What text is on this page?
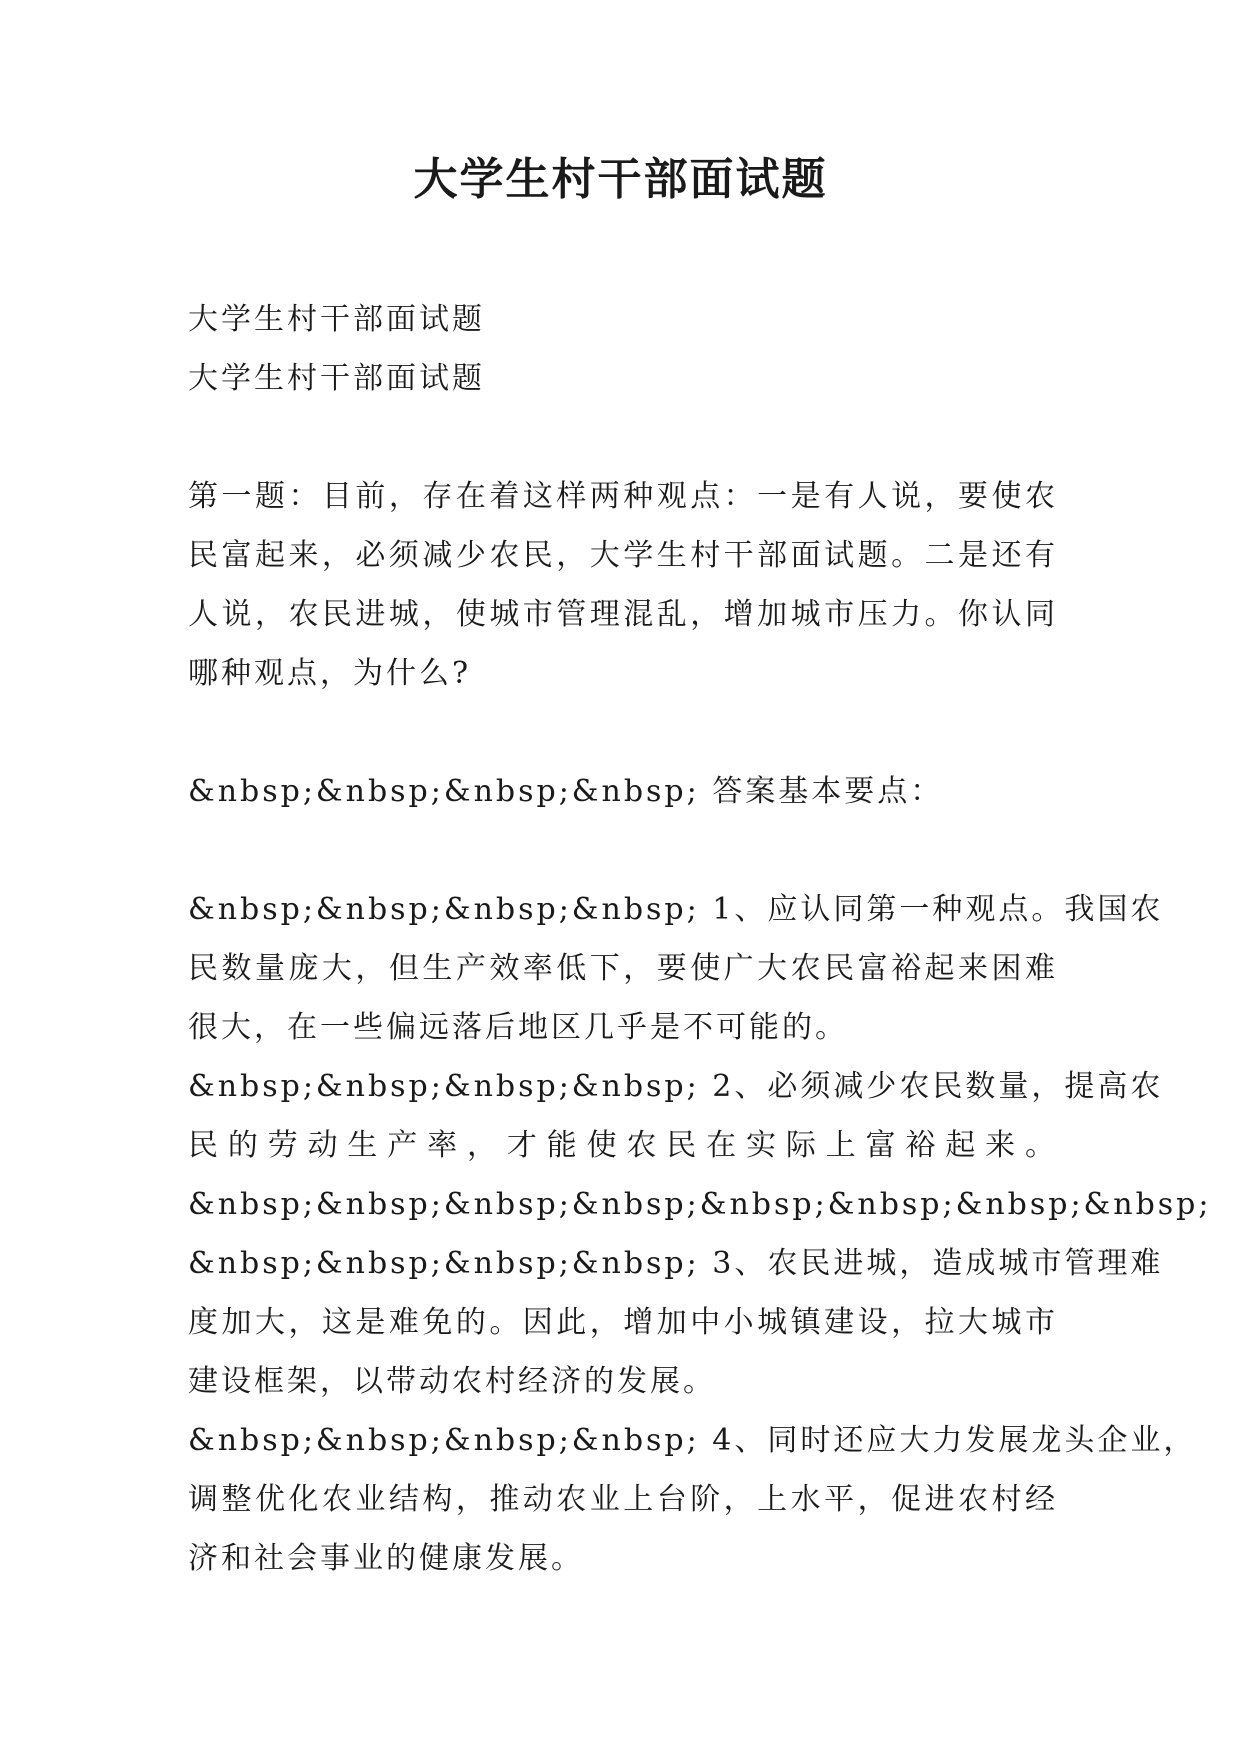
大学生村干部面试题
大学生村干部面试题
大学生村干部面试题
第一题：目前，存在着这样两种观点：一是有人说，要使农
民富起来，必须减少农民，大学生村干部面试题。二是还有
人说，农民进城，使城市管理混乱，增加城市压力。你认同
哪种观点，为什么?
&nbsp;&nbsp;&nbsp;&nbsp; 答案基本要点：
&nbsp;&nbsp;&nbsp;&nbsp; 1、应认同第一种观点。我国农
民数量庞大，但生产效率低下，要使广大农民富裕起来困难
很大，在一些偏远落后地区几乎是不可能的。
&nbsp;&nbsp;&nbsp;&nbsp; 2、必须减少农民数量，提高农
民的劳动生产率，才能使农民在实际上富裕起来。
&nbsp;&nbsp;&nbsp;&nbsp;&nbsp;&nbsp;&nbsp;&nbsp;
&nbsp;&nbsp;&nbsp;&nbsp; 3、农民进城，造成城市管理难
度加大，这是难免的。因此，增加中小城镇建设，拉大城市
建设框架，以带动农村经济的发展。
&nbsp;&nbsp;&nbsp;&nbsp; 4、同时还应大力发展龙头企业，
调整优化农业结构，推动农业上台阶，上水平，促进农村经
济和社会事业的健康发展。
